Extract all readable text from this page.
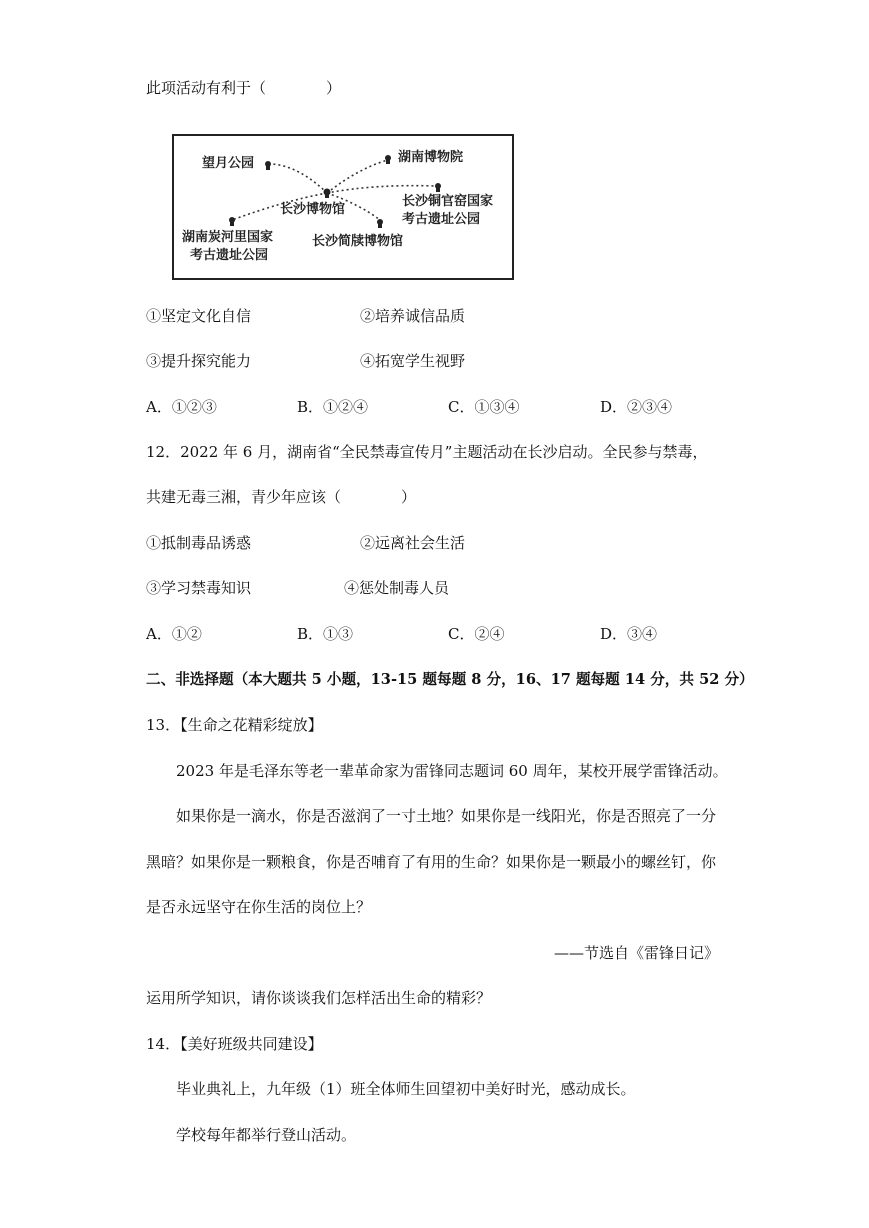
此项活动有利于（　　　　）
望月公园	湖南博物院
长沙博物馆
长沙铜官窑国家
考古遗址公园
湖南炭河里国家
考古遗址公园
长沙简牍博物馆
①坚定文化自信	②培养诚信品质
③提升探究能力	④拓宽学生视野
A．①②③	B．①②④	C．①③④	D．②③④
12．2022 年 6 月，湖南省“全民禁毒宣传月”主题活动在长沙启动。全民参与禁毒，
共建无毒三湘，青少年应该（　　　　）
①抵制毒品诱惑	②远离社会生活
③学习禁毒知识	④惩处制毒人员
A．①②	B．①③	C．②④	D．③④
二、非选择题（本大题共 5 小题，13-15 题每题 8 分，16、17 题每题 14 分，共 52 分）
13．【生命之花精彩绽放】
2023 年是毛泽东等老一辈革命家为雷锋同志题词 60 周年，某校开展学雷锋活动。
如果你是一滴水，你是否滋润了一寸土地？如果你是一线阳光，你是否照亮了一分
黑暗？如果你是一颗粮食，你是否哺育了有用的生命？如果你是一颗最小的螺丝钉，你
是否永远坚守在你生活的岗位上？
——节选自《雷锋日记》
运用所学知识，请你谈谈我们怎样活出生命的精彩？
14．【美好班级共同建设】
毕业典礼上，九年级（1）班全体师生回望初中美好时光，感动成长。
学校每年都举行登山活动。
